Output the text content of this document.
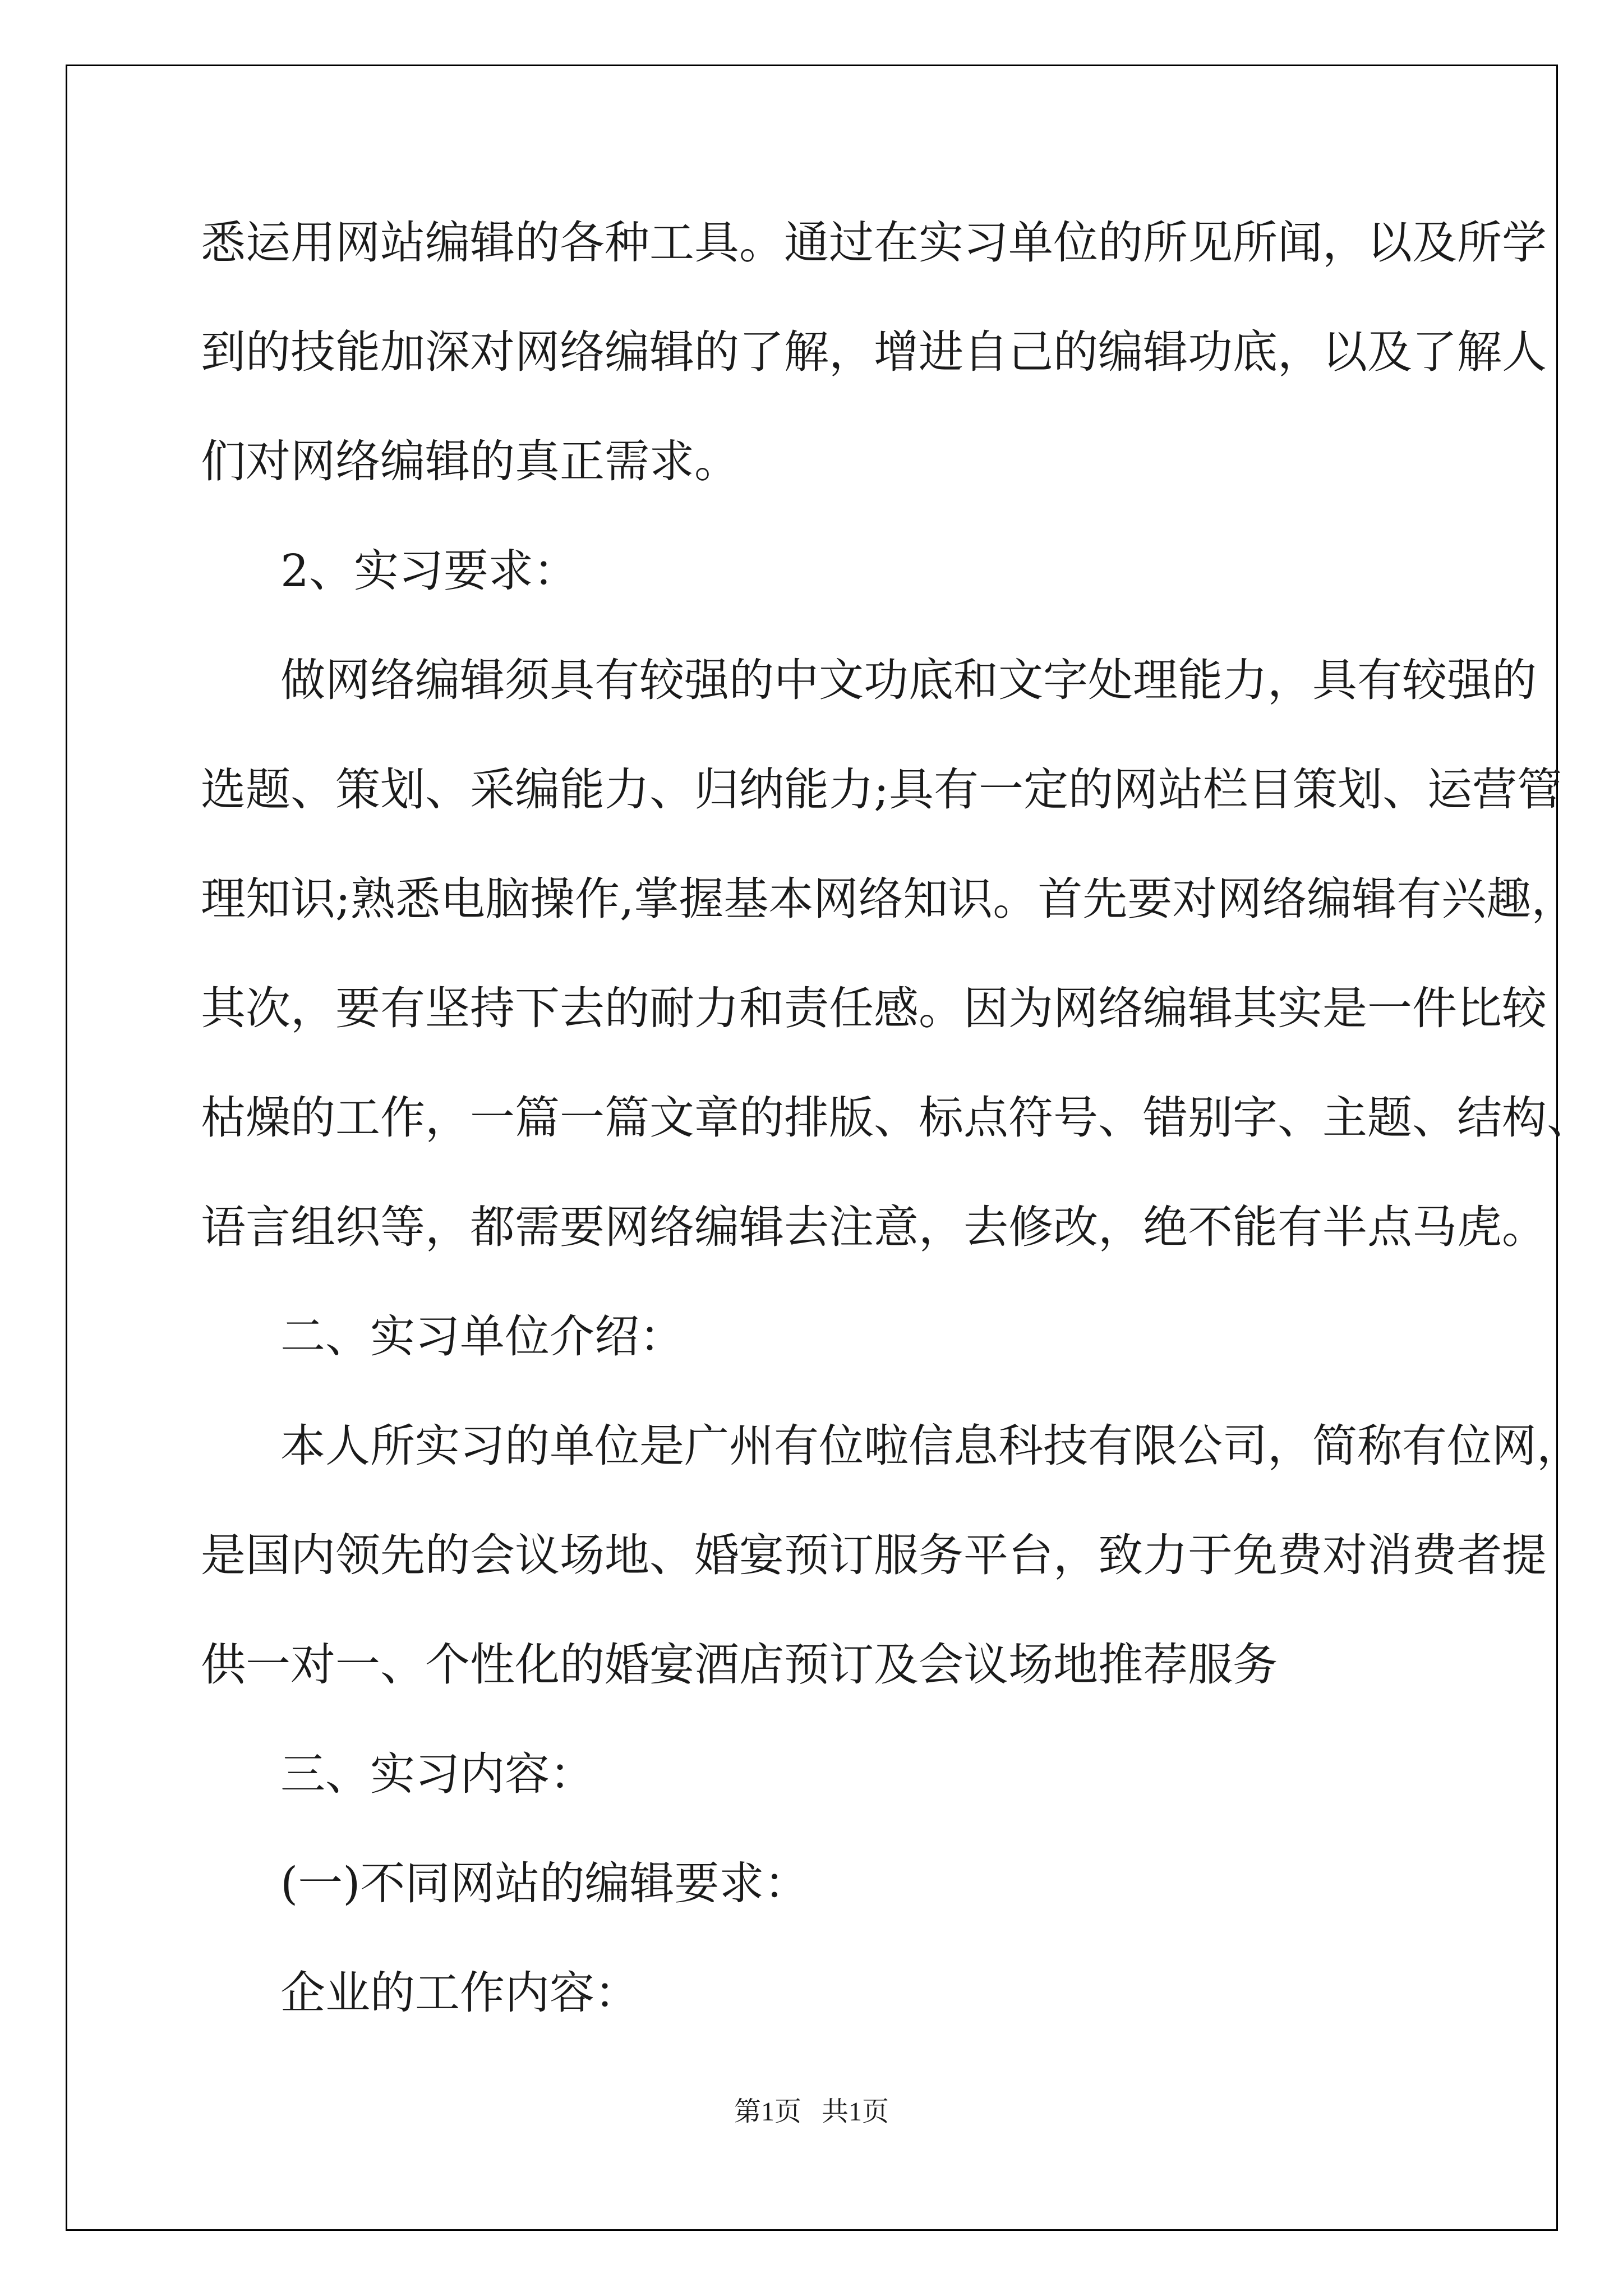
悉运用网站编辑的各种工具。通过在实习单位的所见所闻，以及所学
到的技能加深对网络编辑的了解，增进自己的编辑功底，以及了解人
们对网络编辑的真正需求。
2、实习要求：
做网络编辑须具有较强的中文功底和文字处理能力，具有较强的
选题、策划、采编能力、归纳能力;具有一定的网站栏目策划、运营管
理知识;熟悉电脑操作,掌握基本网络知识。首先要对网络编辑有兴趣，
其次，要有坚持下去的耐力和责任感。因为网络编辑其实是一件比较
枯燥的工作，一篇一篇文章的排版、标点符号、错别字、主题、结构、
语言组织等，都需要网络编辑去注意，去修改，绝不能有半点马虎。
二、实习单位介绍：
本人所实习的单位是广州有位啦信息科技有限公司，简称有位网，
是国内领先的会议场地、婚宴预订服务平台，致力于免费对消费者提
供一对一、个性化的婚宴酒店预订及会议场地推荐服务
三、实习内容：
(一)不同网站的编辑要求：
企业的工作内容：
第1页   共1页
